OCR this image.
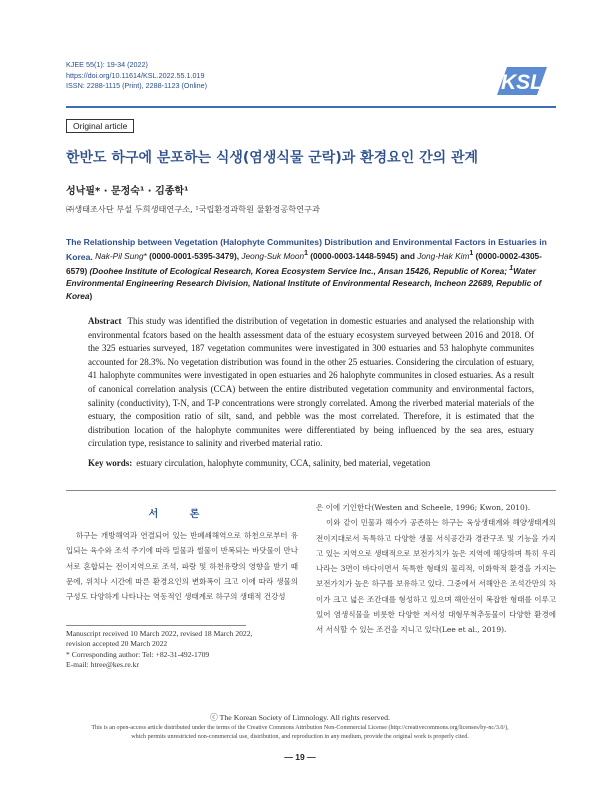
KJEE 55(1): 19-34 (2022)
https://doi.org/10.11614/KSL.2022.55.1.019
ISSN: 2288-1115 (Print), 2288-1123 (Online)	KSL
Original article
한반도 하구에 분포하는 식생(염생식물 군락)과 환경요인 간의 관계
성낙필* · 문정숙¹ · 김종학¹
㈜생태조사단 부설 두희생태연구소, ¹국립환경과학원 물환경공학연구과
The Relationship between Vegetation (Halophyte Communites) Distribution and Environmental Factors in Estuaries in Korea. Nak-Pil Sung* (0000-0001-5395-3479), Jeong-Suk Moon$^1$ (0000-0003-1448-5945) and Jong-Hak Kim$^1$ (0000-0002-4305-6579) (Doohee Institute of Ecological Research, Korea Ecosystem Service Inc., Ansan 15426, Republic of Korea; $^1$Water Environmental Engineering Research Division, National Institute of Environmental Research, Incheon 22689, Republic of Korea)
Abstract This study was identified the distribution of vegetation in domestic estuaries and analysed the relationship with environmental fcators based on the health assessment data of the estuary ecosystem surveyed between 2016 and 2018. Of the 325 estuaries surveyed, 187 vegetation communites were investigated in 300 estuaries and 53 halophyte communites accounted for 28.3%. No vegetation distribution was found in the other 25 estuaries. Considering the circulation of estuary, 41 halophyte communites were investigated in open estuaries and 26 halophyte communites in closed estuaries. As a result of canonical correlation analysis (CCA) between the entire distributed vegetation community and environmental factors, salinity (conductivity), T-N, and T-P concentrations were strongly correlated. Among the riverbed material materials of the estuary, the composition ratio of silt, sand, and pebble was the most correlated. Therefore, it is estimated that the distribution location of the halophyte communites were differentiated by being influenced by the sea ares, estuary circulation type, resistance to salinity and riverbed material ratio.
Key words: estuary circulation, halophyte community, CCA, salinity, bed material, vegetation
서 론
하구는 개방해역과 연결되어 있는 반폐쇄해역으로 하천으로부터 유입되는 육수와 조석 주기에 따라 밀물과 썰물이 반복되는 바닷물이 만나 서로 혼합되는 전이지역으로 조석, 파랑 및 하천유량의 영향을 받기 때문에, 위치나 시간에 따른 환경요인의 변화폭이 크고 이에 따라 생물의 구성도 다양하게 나타나는 역동적인 생태계로 하구의 생태적 건강성
은 이에 기인한다(Westen and Scheele, 1996; Kwon, 2010).
이와 같이 민물과 해수가 공존하는 하구는 육상생태계와 해양생태계의 전이지대로서 독특하고 다양한 생물 서식공간과 경관구조 및 기능을 가지고 있는 지역으로 생태적으로 보전가치가 높은 지역에 해당하며 특히 우리나라는 3면이 바다이면서 독특한 형태의 물리적, 이화학적 환경을 가지는 보전가치가 높은 하구를 보유하고 있다. 그중에서 서해안은 조석간만의 차이가 크고 넓은 조간대를 형성하고 있으며 해안선이 복잡한 형태를 이루고 있어 염생식물을 비롯한 다양한 저서성 대형무척추동물이 다양한 환경에서 서식할 수 있는 조건을 지니고 있다(Lee et al., 2019).
Manuscript received 10 March 2022, revised 18 March 2022,
revision accepted 20 March 2022
* Corresponding author: Tel: +82-31-492-1709
E-mail: htree@kes.re.kr
ⓒ The Korean Society of Limnology. All rights reserved.
This is an open-access article distributed under the terms of the Creative Commons Attribution Non-Commercial License (http://creativecommons.org/licenses/by-nc/3.0/), which permits unrestricted non-commercial use, distribution, and reproduction in any medium, provide the original work is properly cited.
— 19 —
